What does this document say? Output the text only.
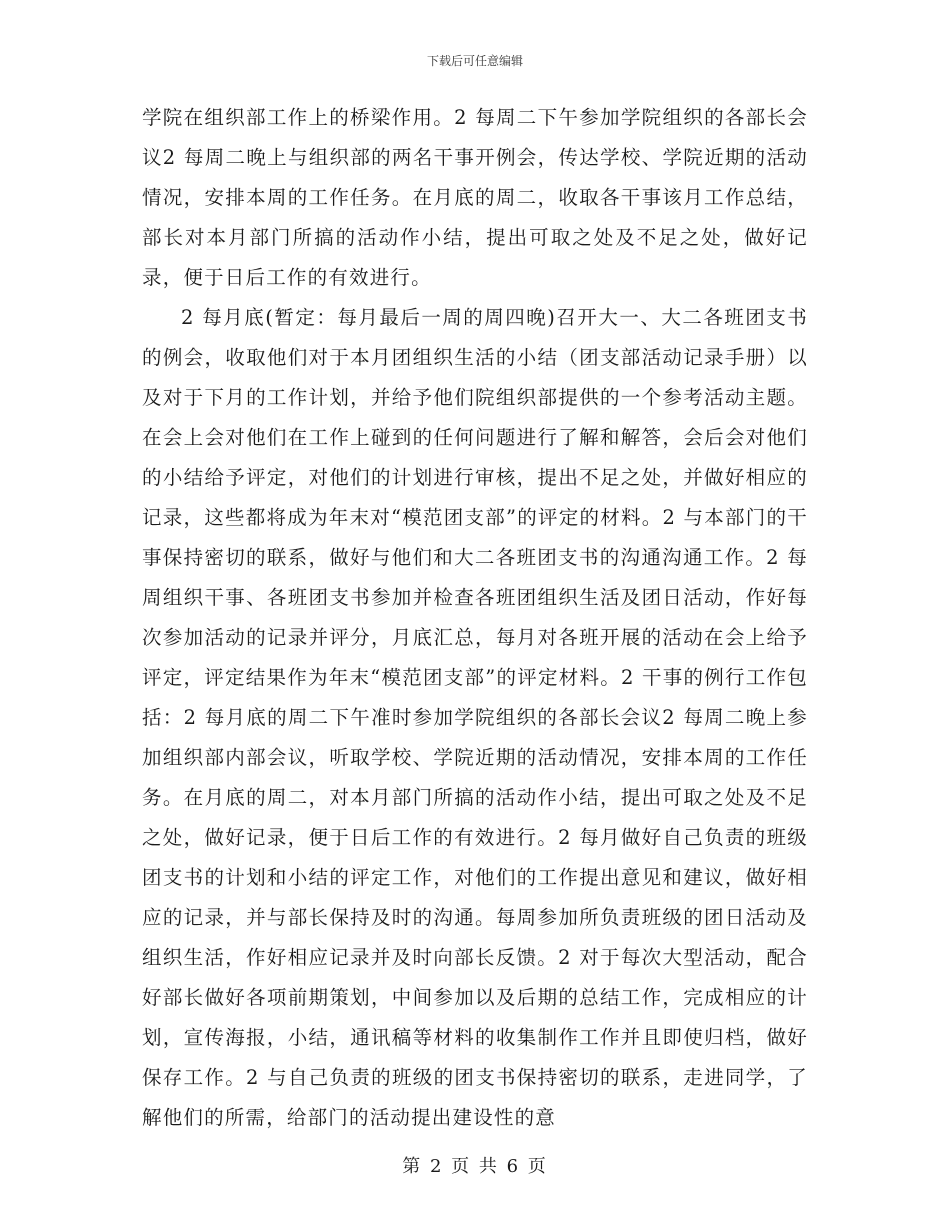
下载后可任意编辑

学院在组织部工作上的桥梁作用。2 每周二下午参加学院组织的各部长会议2 每周二晚上与组织部的两名干事开例会，传达学校、学院近期的活动情况，安排本周的工作任务。在月底的周二，收取各干事该月工作总结，部长对本月部门所搞的活动作小结，提出可取之处及不足之处，做好记录，便于日后工作的有效进行。

2 每月底(暂定：每月最后一周的周四晚)召开大一、大二各班团支书的例会，收取他们对于本月团组织生活的小结（团支部活动记录手册）以及对于下月的工作计划，并给予他们院组织部提供的一个参考活动主题。在会上会对他们在工作上碰到的任何问题进行了解和解答，会后会对他们的小结给予评定，对他们的计划进行审核，提出不足之处，并做好相应的记录，这些都将成为年末对“模范团支部”的评定的材料。2 与本部门的干事保持密切的联系，做好与他们和大二各班团支书的沟通沟通工作。2 每周组织干事、各班团支书参加并检查各班团组织生活及团日活动，作好每次参加活动的记录并评分，月底汇总，每月对各班开展的活动在会上给予评定，评定结果作为年末“模范团支部”的评定材料。2 干事的例行工作包括：2 每月底的周二下午准时参加学院组织的各部长会议2 每周二晚上参加组织部内部会议，听取学校、学院近期的活动情况，安排本周的工作任务。在月底的周二，对本月部门所搞的活动作小结，提出可取之处及不足之处，做好记录，便于日后工作的有效进行。2 每月做好自己负责的班级团支书的计划和小结的评定工作，对他们的工作提出意见和建议，做好相应的记录，并与部长保持及时的沟通。每周参加所负责班级的团日活动及组织生活，作好相应记录并及时向部长反馈。2 对于每次大型活动，配合好部长做好各项前期策划，中间参加以及后期的总结工作，完成相应的计划，宣传海报，小结，通讯稿等材料的收集制作工作并且即使归档，做好保存工作。2 与自己负责的班级的团支书保持密切的联系，走进同学，了解他们的所需，给部门的活动提出建设性的意

第 2 页 共 6 页
